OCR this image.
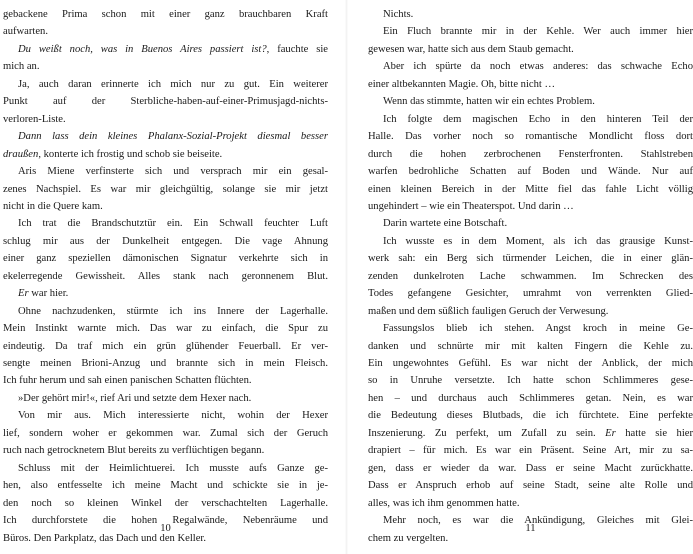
gebackene Prima schon mit einer ganz brauchbaren Kraft
aufwarten.
Du weißt noch, was in Buenos Aires passiert ist?, fauchte sie
mich an.
Ja, auch daran erinnerte ich mich nur zu gut. Ein weiterer
Punkt auf der Sterbliche-haben-auf-einer-Primusjagd-nichts-
verloren-Liste.
Dann lass dein kleines Phalanx-Sozial-Projekt diesmal besser
draußen, konterte ich frostig und schob sie beiseite.
Aris Miene verfinsterte sich und versprach mir ein gesal-
zenes Nachspiel. Es war mir gleichgültig, solange sie mir jetzt
nicht in die Quere kam.
Ich trat die Brandschutztür ein. Ein Schwall feuchter Luft
schlug mir aus der Dunkelheit entgegen. Die vage Ahnung
einer ganz speziellen dämonischen Signatur verkehrte sich in
ekelerregende Gewissheit. Alles stank nach geronnenem Blut.
Er war hier.
Ohne nachzudenken, stürmte ich ins Innere der Lagerhalle.
Mein Instinkt warnte mich. Das war zu einfach, die Spur zu
eindeutig. Da traf mich ein grün glühender Feuerball. Er ver-
sengte meinen Brioni-Anzug und brannte sich in mein Fleisch.
Ich fuhr herum und sah einen panischen Schatten flüchten.
»Der gehört mir!«, rief Ari und setzte dem Hexer nach.
Von mir aus. Mich interessierte nicht, wohin der Hexer
lief, sondern woher er gekommen war. Zumal sich der Geruch
ruch nach getrocknetem Blut bereits zu verflüchtigen begann.
Schluss mit der Heimlichtuerei. Ich musste aufs Ganze ge-
hen, also entfesselte ich meine Macht und schickte sie in je-
den noch so kleinen Winkel der verschachtelten Lagerhalle.
Ich durchforstete die hohen Regalwände, Nebenräume und
Büros. Den Parkplatz, das Dach und den Keller.
10
Nichts.
Ein Fluch brannte mir in der Kehle. Wer auch immer hier
gewesen war, hatte sich aus dem Staub gemacht.
Aber ich spürte da noch etwas anderes: das schwache Echo
einer altbekannten Magie. Oh, bitte nicht …
Wenn das stimmte, hatten wir ein echtes Problem.
Ich folgte dem magischen Echo in den hinteren Teil der
Halle. Das vorher noch so romantische Mondlicht floss dort
durch die hohen zerbrochenen Fensterfronten. Stahlstreben
warfen bedrohliche Schatten auf Boden und Wände. Nur auf
einen kleinen Bereich in der Mitte fiel das fahle Licht völlig
ungehindert – wie ein Theaterspot. Und darin …
Darin wartete eine Botschaft.
Ich wusste es in dem Moment, als ich das grausige Kunst-
werk sah: ein Berg sich türmender Leichen, die in einer glän-
zenden dunkelroten Lache schwammen. Im Schrecken des
Todes gefangene Gesichter, umrahmt von verrenkten Glied-
maßen und dem süßlich fauligen Geruch der Verwesung.
Fassungslos blieb ich stehen. Angst kroch in meine Ge-
danken und schnürte mir mit kalten Fingern die Kehle zu.
Ein ungewohntes Gefühl. Es war nicht der Anblick, der mich
so in Unruhe versetzte. Ich hatte schon Schlimmeres gese-
hen – und durchaus auch Schlimmeres getan. Nein, es war
die Bedeutung dieses Blutbads, die ich fürchtete. Eine perfekte
Inszenierung. Zu perfekt, um Zufall zu sein. Er hatte sie hier
drapiert – für mich. Es war ein Präsent. Seine Art, mir zu sa-
gen, dass er wieder da war. Dass er seine Macht zurückhatte.
Dass er Anspruch erhob auf seine Stadt, seine alte Rolle und
alles, was ich ihm genommen hatte.
Mehr noch, es war die Ankündigung, Gleiches mit Glei-
chem zu vergelten.
11
